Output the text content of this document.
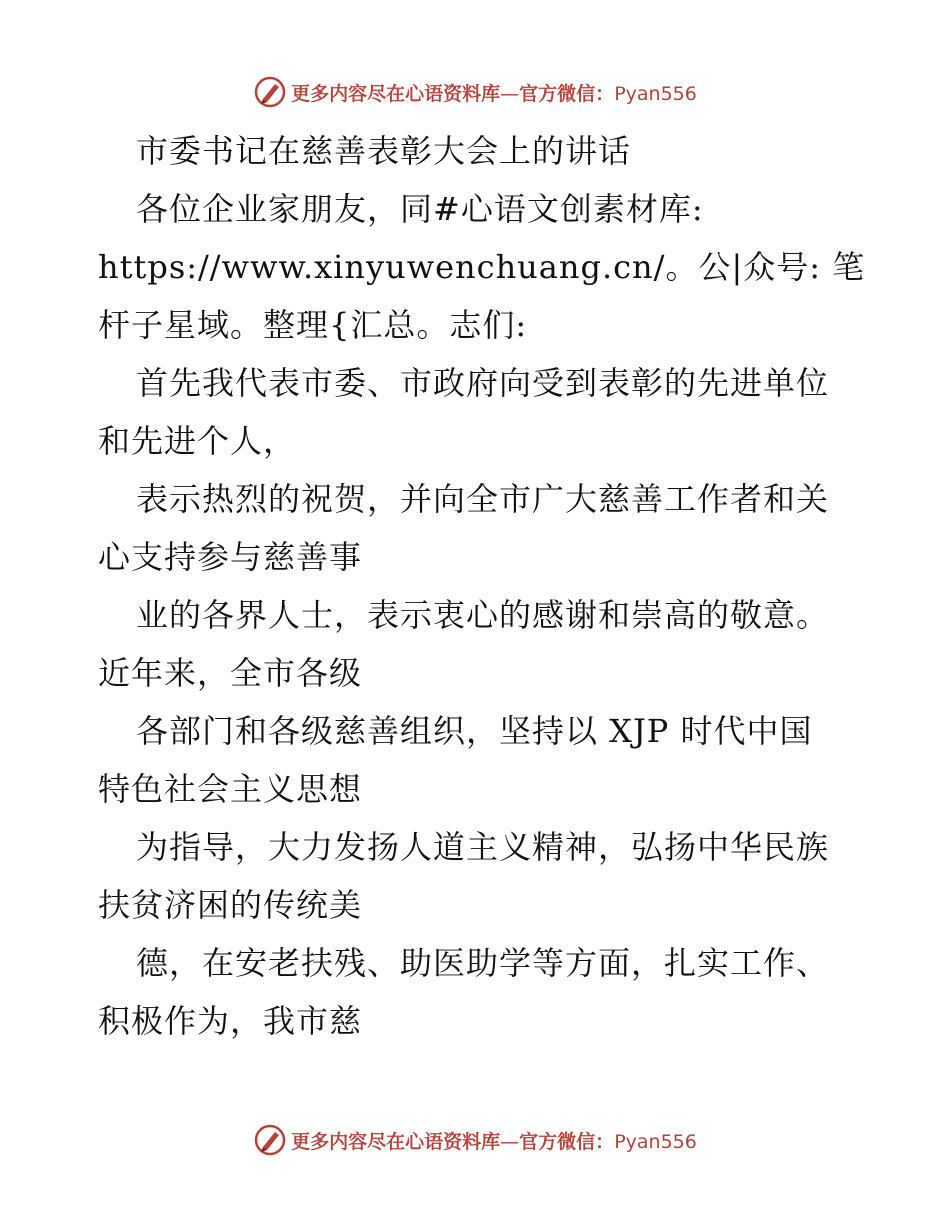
更多内容尽在心语资料库—官方微信：Pyan556
市委书记在慈善表彰大会上的讲话
各位企业家朋友，同#心语文创素材库:
https://www.xinyuwenchuang.cn/。公|众号: 笔
杆子星域。整理{汇总。志们:
首先我代表市委、市政府向受到表彰的先进单位
和先进个人，
表示热烈的祝贺，并向全市广大慈善工作者和关
心支持参与慈善事
业的各界人士，表示衷心的感谢和崇高的敬意。
近年来，全市各级
各部门和各级慈善组织，坚持以 XJP 时代中国
特色社会主义思想
为指导，大力发扬人道主义精神，弘扬中华民族
扶贫济困的传统美
德，在安老扶残、助医助学等方面，扎实工作、
积极作为，我市慈
更多内容尽在心语资料库—官方微信：Pyan556
